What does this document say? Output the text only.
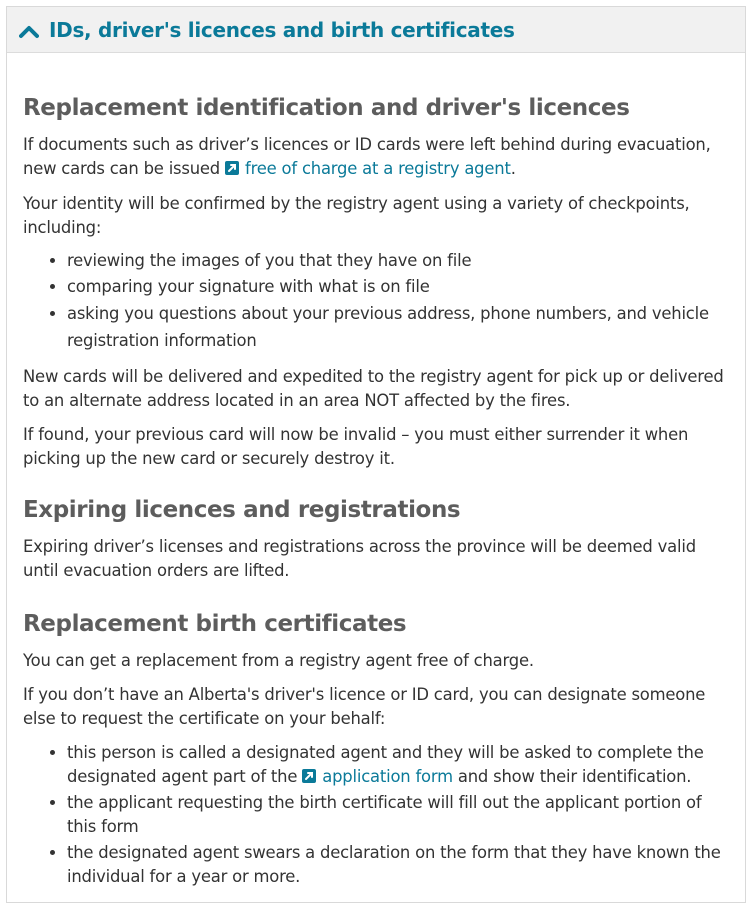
IDs, driver's licences and birth certificates
Replacement identification and driver's licences

If documents such as driver’s licences or ID cards were left behind during evacuation, new cards can be issued free of charge at a registry agent.

Your identity will be confirmed by the registry agent using a variety of checkpoints, including:

• reviewing the images of you that they have on file
• comparing your signature with what is on file
• asking you questions about your previous address, phone numbers, and vehicle registration information

New cards will be delivered and expedited to the registry agent for pick up or delivered to an alternate address located in an area NOT affected by the fires.

If found, your previous card will now be invalid – you must either surrender it when picking up the new card or securely destroy it.

Expiring licences and registrations

Expiring driver’s licenses and registrations across the province will be deemed valid until evacuation orders are lifted.

Replacement birth certificates

You can get a replacement from a registry agent free of charge.

If you don’t have an Alberta's driver's licence or ID card, you can designate someone else to request the certificate on your behalf:

• this person is called a designated agent and they will be asked to complete the designated agent part of the application form and show their identification.
• the applicant requesting the birth certificate will fill out the applicant portion of this form
• the designated agent swears a declaration on the form that they have known the individual for a year or more.
